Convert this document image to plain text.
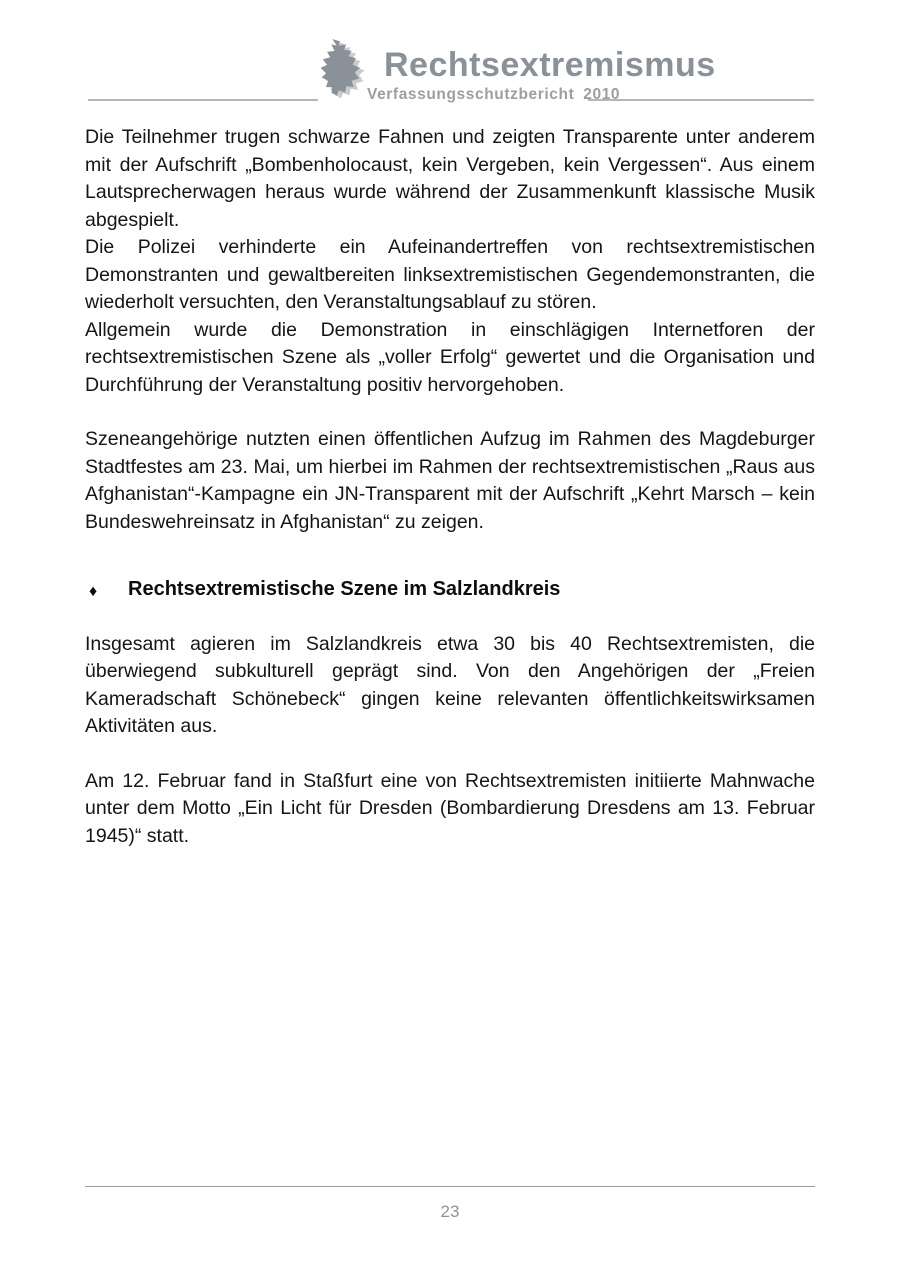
Rechtsextremismus
Verfassungsschutzbericht 2010

Die Teilnehmer trugen schwarze Fahnen und zeigten Transparente unter anderem mit der Aufschrift „Bombenholocaust, kein Vergeben, kein Vergessen“. Aus einem Lautsprecherwagen heraus wurde während der Zusammenkunft klassische Musik abgespielt.

Die Polizei verhinderte ein Aufeinandertreffen von rechtsextremistischen Demonstranten und gewaltbereiten linksextremistischen Gegendemonstranten, die wiederholt versuchten, den Veranstaltungsablauf zu stören.

Allgemein wurde die Demonstration in einschlägigen Internetforen der rechtsextremistischen Szene als „voller Erfolg“ gewertet und die Organisation und Durchführung der Veranstaltung positiv hervorgehoben.

Szeneangehörige nutzten einen öffentlichen Aufzug im Rahmen des Magdeburger Stadtfestes am 23. Mai, um hierbei im Rahmen der rechtsextremistischen „Raus aus Afghanistan“-Kampagne ein JN-Transparent mit der Aufschrift „Kehrt Marsch – kein Bundeswehreinsatz in Afghanistan“ zu zeigen.

♦ Rechtsextremistische Szene im Salzlandkreis

Insgesamt agieren im Salzlandkreis etwa 30 bis 40 Rechtsextremisten, die überwiegend subkulturell geprägt sind. Von den Angehörigen der „Freien Kameradschaft Schönebeck“ gingen keine relevanten öffentlichkeitswirksamen Aktivitäten aus.

Am 12. Februar fand in Staßfurt eine von Rechtsextremisten initiierte Mahnwache unter dem Motto „Ein Licht für Dresden (Bombardierung Dresdens am 13. Februar 1945)“ statt.

23
